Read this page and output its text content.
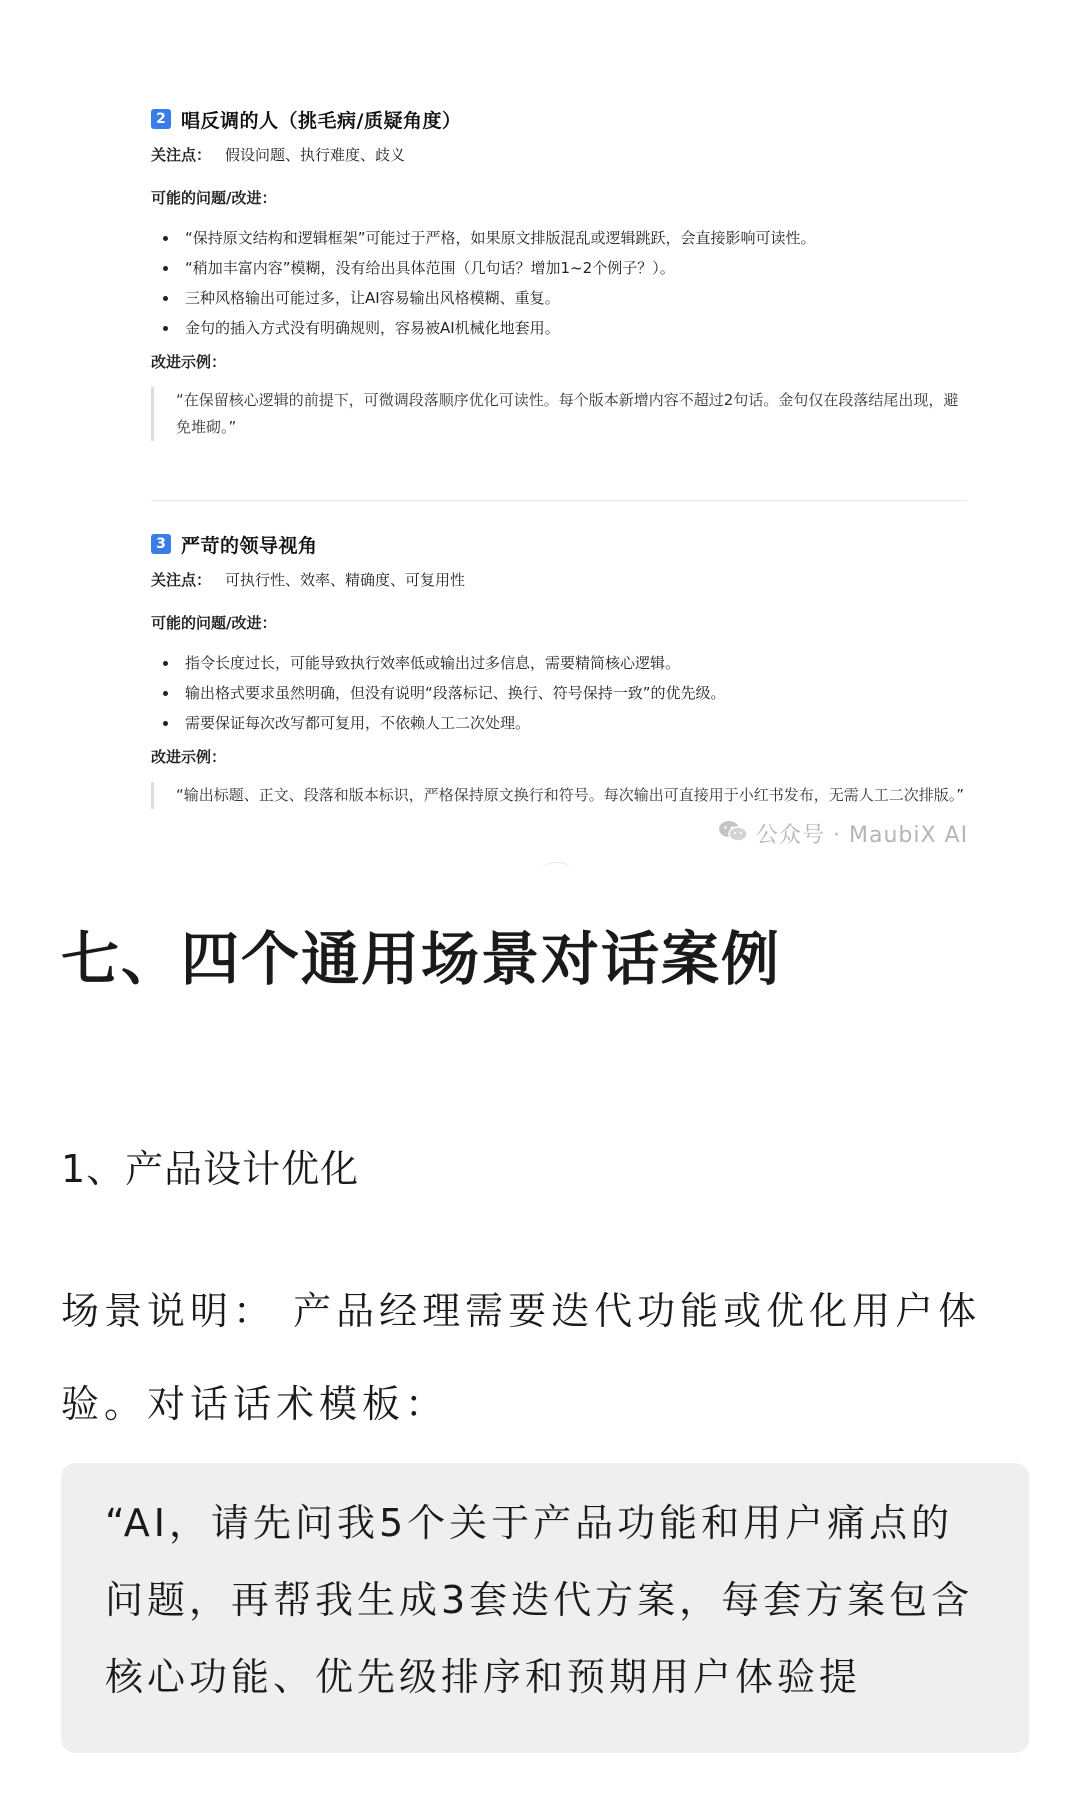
2 唱反调的人（挑毛病/质疑角度）
关注点： 假设问题、执行难度、歧义
可能的问题/改进：
“保持原文结构和逻辑框架”可能过于严格，如果原文排版混乱或逻辑跳跃，会直接影响可读性。
“稍加丰富内容”模糊，没有给出具体范围（几句话？增加1~2个例子？）。
三种风格输出可能过多，让AI容易输出风格模糊、重复。
金句的插入方式没有明确规则，容易被AI机械化地套用。
改进示例：
“在保留核心逻辑的前提下，可微调段落顺序优化可读性。每个版本新增内容不超过2句话。金句仅在段落结尾出现，避免堆砌。”
3 严苛的领导视角
关注点： 可执行性、效率、精确度、可复用性
可能的问题/改进：
指令长度过长，可能导致执行效率低或输出过多信息，需要精简核心逻辑。
输出格式要求虽然明确，但没有说明“段落标记、换行、符号保持一致”的优先级。
需要保证每次改写都可复用，不依赖人工二次处理。
改进示例：
“输出标题、正文、段落和版本标识，严格保持原文换行和符号。每次输出可直接用于小红书发布，无需人工二次排版。”
公众号 · MaubiX AI
七、四个通用场景对话案例
1、产品设计优化
场景说明： 产品经理需要迭代功能或优化用户体验。对话话术模板：
“AI，请先问我5个关于产品功能和用户痛点的问题，再帮我生成3套迭代方案，每套方案包含核心功能、优先级排序和预期用户体验提
